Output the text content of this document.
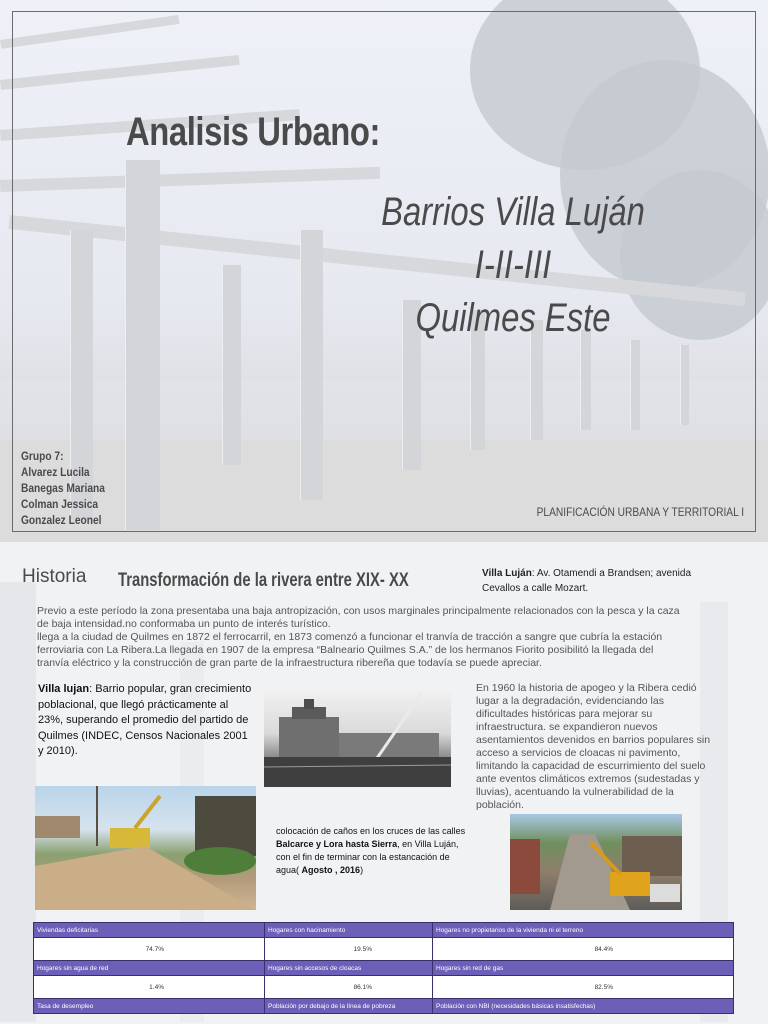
Analisis Urbano:
Barrios Villa Luján
I-II-III
Quilmes Este
Grupo 7:
Alvarez Lucila
Banegas Mariana
Colman Jessica
Gonzalez Leonel
PLANIFICACIÓN URBANA Y TERRITORIAL I
Historia Transformación de la rivera entre XIX- XX	Villa Luján: Av. Otamendi a Brandsen; avenida Cevallos a calle Mozart.
Previo a este período la zona presentaba una baja antropización, con usos marginales principalmente relacionados con la pesca y la caza de baja intensidad.no conformaba un punto de interés turístico.
llega a la ciudad de Quilmes en 1872 el ferrocarril, en 1873 comenzó a funcionar el tranvía de tracción a sangre que cubría la estación ferroviaria con La Ribera.La llegada en 1907 de la empresa “Balneario Quilmes S.A.” de los hermanos Fiorito posibilitó la llegada del tranvía eléctrico y la construcción de gran parte de la infraestructura ribereña que todavía se puede apreciar.
Villa lujan: Barrio popular, gran crecimiento poblacional, que llegó prácticamente al 23%, superando el promedio del partido de Quilmes (INDEC, Censos Nacionales 2001 y 2010).
En 1960 la historia de apogeo y la Ribera cedió lugar a la degradación, evidenciando las dificultades históricas para mejorar su infraestructura. se expandieron nuevos asentamientos devenidos en barrios populares sin acceso a servicios de cloacas ni pavimento, limitando la capacidad de escurrimiento del suelo ante eventos climáticos extremos (sudestadas y lluvias), acentuando la vulnerabilidad de la población.
colocación de caños en los cruces de las calles Balcarce y Lora hasta Sierra, en Villa Luján, con el fin de terminar con la estancación de agua( Agosto , 2016)
Viviendas deficitarias	Hogares con hacinamiento	Hogares no propietarios de la vivienda ni el terreno
74.7%	19.5%	84.4%
Hogares sin agua de red	Hogares sin accesos de cloacas	Hogares sin red de gas
1.4%	86.1%	82.5%
Tasa de desempleo	Población por debajo de la línea de pobreza	Población con NBI (necesidades básicas insatisfechas)
